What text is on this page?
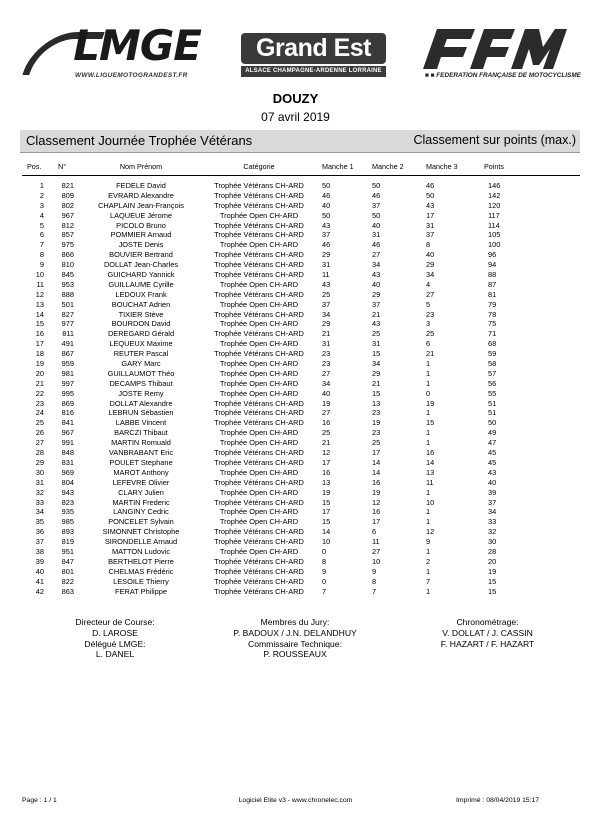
LMGE
WWW.LIGUEMOTOGRANDEST.FR
Grand Est
ALSACE CHAMPAGNE-ARDENNE LORRAINE
■ ■ FEDERATION FRANÇAISE DE MOTOCYCLISME
DOUZY
07 avril 2019
Classement Journée Trophée Vétérans	Classement sur points (max.)
Pos. N°	Nom Prénom	Catégorie	Manche 1	Manche 2	Manche 3	Points
1	821	FEDELE David	Trophée Vétérans CH-ARD	50	50	46	146
2	809	EVRARD Alexandre	Trophée Vétérans CH-ARD	46	46	50	142
3	802	CHAPLAIN Jean-François	Trophée Vétérans CH-ARD	40	37	43	120
4	967	LAQUEUE Jérome	Trophée Open CH-ARD	50	50	17	117
5	812	PICOLO Bruno	Trophée Vétérans CH-ARD	43	40	31	114
6	857	POMMIER Arnaud	Trophée Vétérans CH-ARD	37	31	37	105
7	975	JOSTE Denis	Trophée Open CH-ARD	46	46	8	100
8	866	BOUVIER Bertrand	Trophée Vétérans CH-ARD	29	27	40	96
9	810	DOLLAT Jean-Charles	Trophée Vétérans CH-ARD	31	34	29	94
10	845	GUICHARD Yannick	Trophée Vétérans CH-ARD	11	43	34	88
11	953	GUILLAUME Cyrille	Trophée Open CH-ARD	43	40	4	87
12	888	LEDOUX Frank	Trophée Vétérans CH-ARD	25	29	27	81
13	501	BOUCHAT Adrien	Trophée Open CH-ARD	37	37	5	79
14	827	TIXIER Stève	Trophée Vétérans CH-ARD	34	21	23	78
15	977	BOURDON David	Trophée Open CH-ARD	29	43	3	75
16	811	DEREGARD Gérald	Trophée Vétérans CH-ARD	21	25	25	71
17	491	LEQUEUX Maxime	Trophée Open CH-ARD	31	31	6	68
18	867	REUTER Pascal	Trophée Vétérans CH-ARD	23	15	21	59
19	959	GARY Marc	Trophée Open CH-ARD	23	34	1	58
20	981	GUILLAUMOT Théo	Trophée Open CH-ARD	27	29	1	57
21	997	DECAMPS Thibaut	Trophée Open CH-ARD	34	21	1	56
22	995	JOSTE Remy	Trophée Open CH-ARD	40	15	0	55
23	869	DOLLAT Alexandre	Trophée Vétérans CH-ARD	19	13	19	51
24	816	LEBRUN Sébastien	Trophée Vétérans CH-ARD	27	23	1	51
25	841	LABBE Vincent	Trophée Vétérans CH-ARD	16	19	15	50
26	967	BARCZI Thibaut	Trophée Open CH-ARD	25	23	1	49
27	991	MARTIN Romuald	Trophée Open CH-ARD	21	25	1	47
28	848	VANBRABANT Eric	Trophée Vétérans CH-ARD	12	17	16	45
29	831	POULET Stephane	Trophée Vétérans CH-ARD	17	14	14	45
30	969	MAROT Anthony	Trophée Open CH-ARD	16	14	13	43
31	804	LEFEVRE Olivier	Trophée Vétérans CH-ARD	13	16	11	40
32	943	CLARY Julien	Trophée Open CH-ARD	19	19	1	39
33	823	MARTIN Frederic	Trophée Vétérans CH-ARD	15	12	10	37
34	935	LANGINY Cedric	Trophée Open CH-ARD	17	16	1	34
35	985	PONCELET Sylvain	Trophée Open CH-ARD	15	17	1	33
36	893	SIMONNET Christophe	Trophée Vétérans CH-ARD	14	6	12	32
37	819	SIRONDELLE Arnaud	Trophée Vétérans CH-ARD	10	11	9	30
38	951	MATTON Ludovic	Trophée Open CH-ARD	0	27	1	28
39	847	BERTHELOT Pierre	Trophée Vétérans CH-ARD	8	10	2	20
40	801	CHELMAS Frédéric	Trophée Vétérans CH-ARD	9	9	1	19
41	822	LESOILE Thierry	Trophée Vétérans CH-ARD	0	8	7	15
42	863	FERAT Philippe	Trophée Vétérans CH-ARD	7	7	1	15
Directeur de Course:
D. LAROSE
Délégué LMGE:
L. DANEL
Membres du Jury:
P. BADOUX / J.N. DELANDHUY
Commissaire Technique:
P. ROUSSEAUX
Chronométrage:
V. DOLLAT / J. CASSIN
F. HAZART / F. HAZART
Page : 1 / 1	Logiciel Elite v3 - www.chronelec.com	Imprimé : 08/04/2019 15:17
